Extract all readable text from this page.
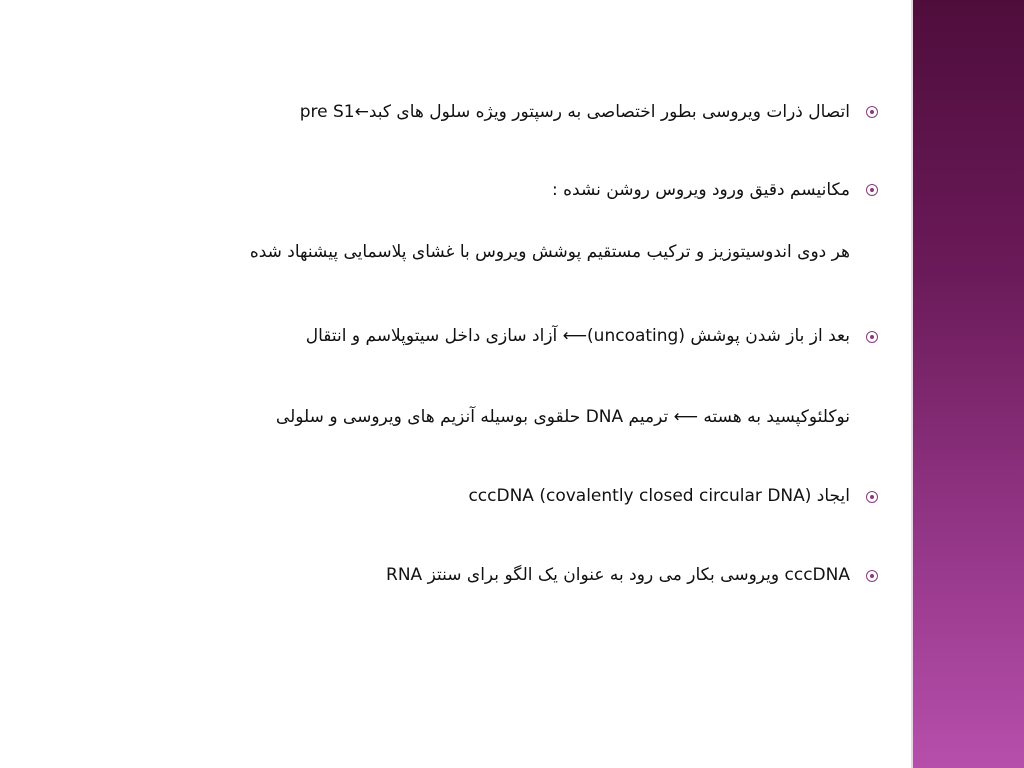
اتصال ذرات ویروسی بطور اختصاصی به رسپتور ویژه سلول های کبد←pre S1
مکانیسم دقیق ورود ویروس روشن نشده :
هر دوی اندوسیتوزیز و ترکیب مستقیم پوشش ویروس با غشای پلاسمایی پیشنهاد شده
بعد از باز شدن پوشش (uncoating)⟵ آزاد سازی داخل سیتوپلاسم و انتقال
نوکلئوکپسید به هسته ⟵ ترمیم DNA حلقوی بوسیله آنزیم های ویروسی و سلولی
ایجاد cccDNA (covalently closed circular DNA)
cccDNA ویروسی بکار می رود به عنوان یک الگو برای سنتز RNA
